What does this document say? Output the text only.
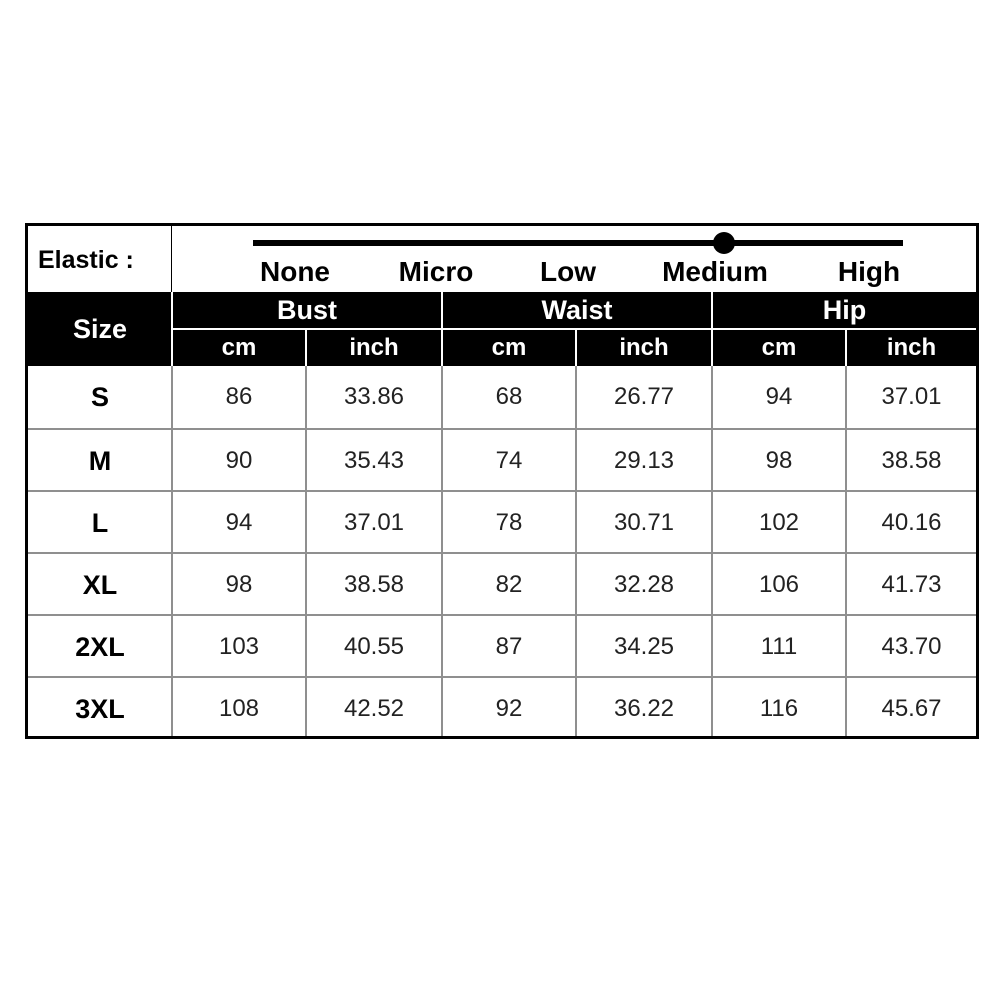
Elastic :	None Micro Low Medium	High
Size
Bust	Waist	Hip
cm	inch	cm	inch	cm	inch
S	86	33.86	68	26.77	94	37.01
M	90	35.43	74	29.13	98	38.58
L	94	37.01	78	30.71	102	40.16
XL	98	38.58	82	32.28	106	41.73
2XL	103	40.55	87	34.25	111	43.70
3XL	108	42.52	92	36.22	116	45.67
